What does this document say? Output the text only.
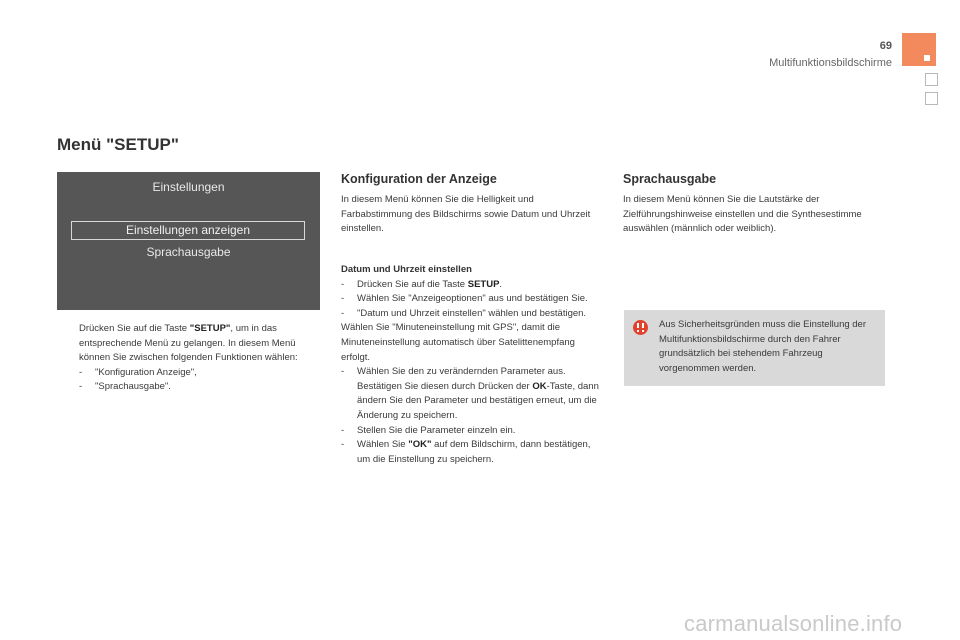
69
Multifunktionsbildschirme
Menü "SETUP"
Einstellungen
Einstellungen anzeigen
Sprachausgabe
Drücken Sie auf die Taste "SETUP", um in das entsprechende Menü zu gelangen. In diesem Menü können Sie zwischen folgenden Funktionen wählen:
- "Konfiguration Anzeige",
- "Sprachausgabe".
Konfiguration der Anzeige
In diesem Menü können Sie die Helligkeit und Farbabstimmung des Bildschirms sowie Datum und Uhrzeit einstellen.
Datum und Uhrzeit einstellen
- Drücken Sie auf die Taste SETUP.
- Wählen Sie "Anzeigeoptionen" aus und bestätigen Sie.
- "Datum und Uhrzeit einstellen" wählen und bestätigen.
Wählen Sie "Minuteneinstellung mit GPS", damit die Minuteneinstellung automatisch über Satelittenempfang erfolgt.
- Wählen Sie den zu verändernden Parameter aus. Bestätigen Sie diesen durch Drücken der OK-Taste, dann ändern Sie den Parameter und bestätigen erneut, um die Änderung zu speichern.
- Stellen Sie die Parameter einzeln ein.
- Wählen Sie "OK" auf dem Bildschirm, dann bestätigen, um die Einstellung zu speichern.
Sprachausgabe
In diesem Menü können Sie die Lautstärke der Zielführungshinweise einstellen und die Synthesestimme auswählen (männlich oder weiblich).
Aus Sicherheitsgründen muss die Einstellung der Multifunktionsbildschirme durch den Fahrer grundsätzlich bei stehendem Fahrzeug vorgenommen werden.
carmanualsonline.info
